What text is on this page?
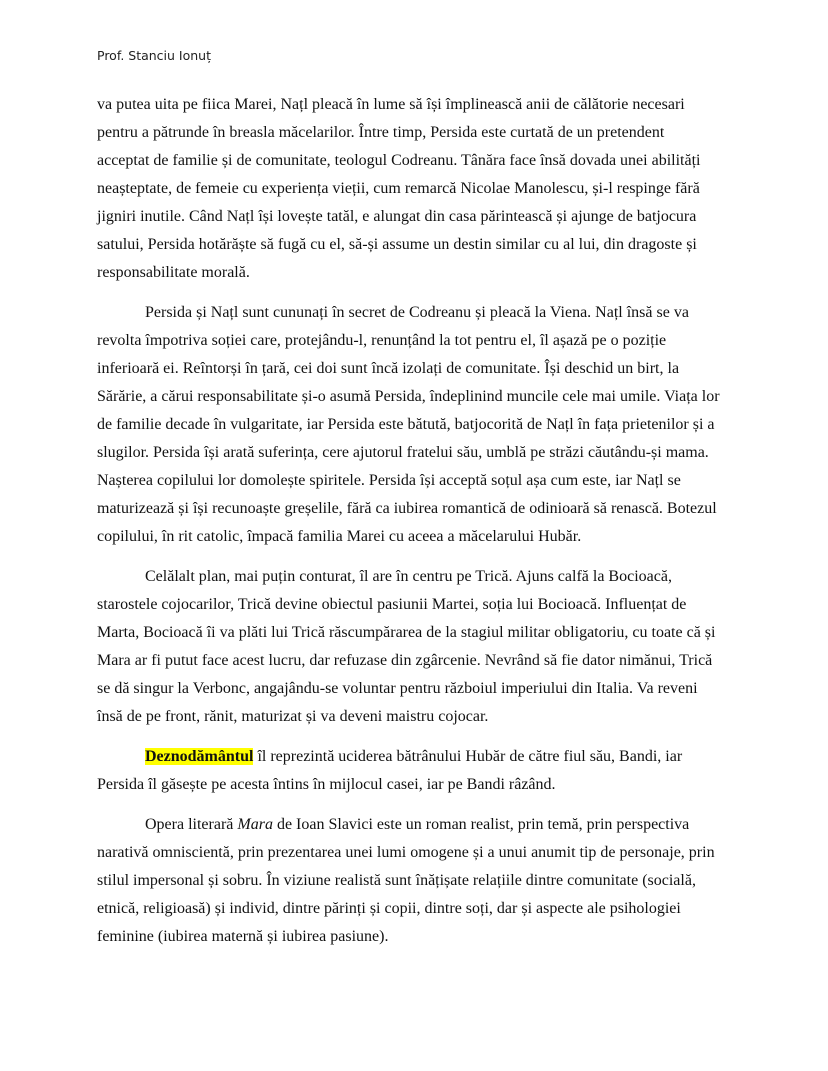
Prof. Stanciu Ionuț
va putea uita pe fiica Marei, Națl pleacă în lume să își împlinească anii de călătorie necesari
pentru a pătrunde în breasla măcelarilor. Între timp, Persida este curtată de un pretendent
acceptat de familie și de comunitate, teologul Codreanu. Tânăra face însă dovada unei abilități
neașteptate, de femeie cu experiența vieții, cum remarcă Nicolae Manolescu, și-l respinge fără
jigniri inutile. Când Națl își lovește tatăl, e alungat din casa părintească și ajunge de batjocura
satului, Persida hotărăște să fugă cu el, să-și assume un destin similar cu al lui, din dragoste și
responsabilitate morală.
Persida și Națl sunt cununați în secret de Codreanu și pleacă la Viena. Națl însă se va
revolta împotriva soției care, protejându-l, renunțând la tot pentru el, îl așază pe o poziție
inferioară ei. Reîntorși în țară, cei doi sunt încă izolați de comunitate. Își deschid un birt, la
Sărărie, a cărui responsabilitate și-o asumă Persida, îndeplinind muncile cele mai umile. Viața lor
de familie decade în vulgaritate, iar Persida este bătută, batjocorită de Națl în fața prietenilor și a
slugilor. Persida își arată suferința, cere ajutorul fratelui său, umblă pe străzi căutându-și mama.
Nașterea copilului lor domolește spiritele. Persida își acceptă soțul așa cum este, iar Națl se
maturizează și își recunoaște greșelile, fără ca iubirea romantică de odinioară să renască. Botezul
copilului, în rit catolic, împacă familia Marei cu aceea a măcelarului Hubăr.
Celălalt plan, mai puțin conturat, îl are în centru pe Trică. Ajuns calfă la Bocioacă,
starostele cojocarilor, Trică devine obiectul pasiunii Martei, soția lui Bocioacă. Influențat de
Marta, Bocioacă îi va plăti lui Trică răscumpărarea de la stagiul militar obligatoriu, cu toate că și
Mara ar fi putut face acest lucru, dar refuzase din zgârcenie. Nevrând să fie dator nimănui, Trică
se dă singur la Verbonc, angajându-se voluntar pentru războiul imperiului din Italia. Va reveni
însă de pe front, rănit, maturizat și va deveni maistru cojocar.
Deznodământul îl reprezintă uciderea bătrânului Hubăr de către fiul său, Bandi, iar
Persida îl găsește pe acesta întins în mijlocul casei, iar pe Bandi râzând.
Opera literară Mara de Ioan Slavici este un roman realist, prin temă, prin perspectiva
narativă omniscientă, prin prezentarea unei lumi omogene și a unui anumit tip de personaje, prin
stilul impersonal și sobru. În viziune realistă sunt înățișate relațiile dintre comunitate (socială,
etnică, religioasă) și individ, dintre părinți și copii, dintre soți, dar și aspecte ale psihologiei
feminine (iubirea maternă și iubirea pasiune).
